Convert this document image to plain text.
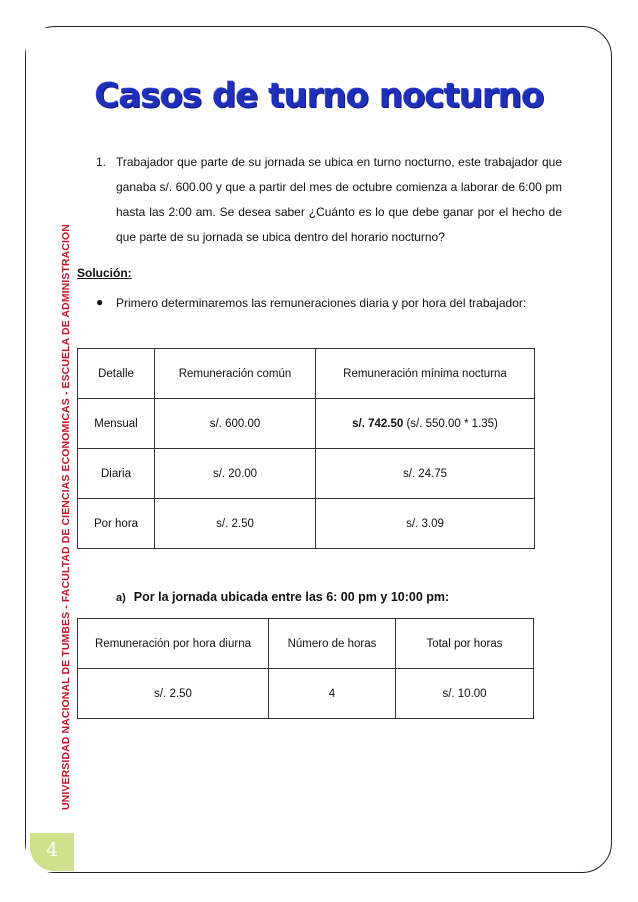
UNIVERSIDAD NACIONAL DE TUMBES - FACULTAD DE CIENCIAS ECONOMICAS - ESCUELA DE ADMINISTRACION
4
Casos de turno nocturno
1. Trabajador que parte de su jornada se ubica en turno nocturno, este trabajador que ganaba s/. 600.00 y que a partir del mes de octubre comienza a laborar de 6:00 pm hasta las 2:00 am. Se desea saber ¿Cuánto es lo que debe ganar por el hecho de que parte de su jornada se ubica dentro del horario nocturno?
Solución:
● Primero determinaremos las remuneraciones diaria y por hora del trabajador:
Detalle	Remuneración común	Remuneración mínima nocturna
Mensual	s/. 600.00	s/. 742.50 (s/. 550.00 * 1.35)
Diaria	s/. 20.00	s/. 24.75
Por hora	s/. 2.50	s/. 3.09
a) Por la jornada ubicada entre las 6: 00 pm y 10:00 pm:
Remuneración por hora diurna	Número de horas	Total por horas
s/. 2.50	4	s/. 10.00
